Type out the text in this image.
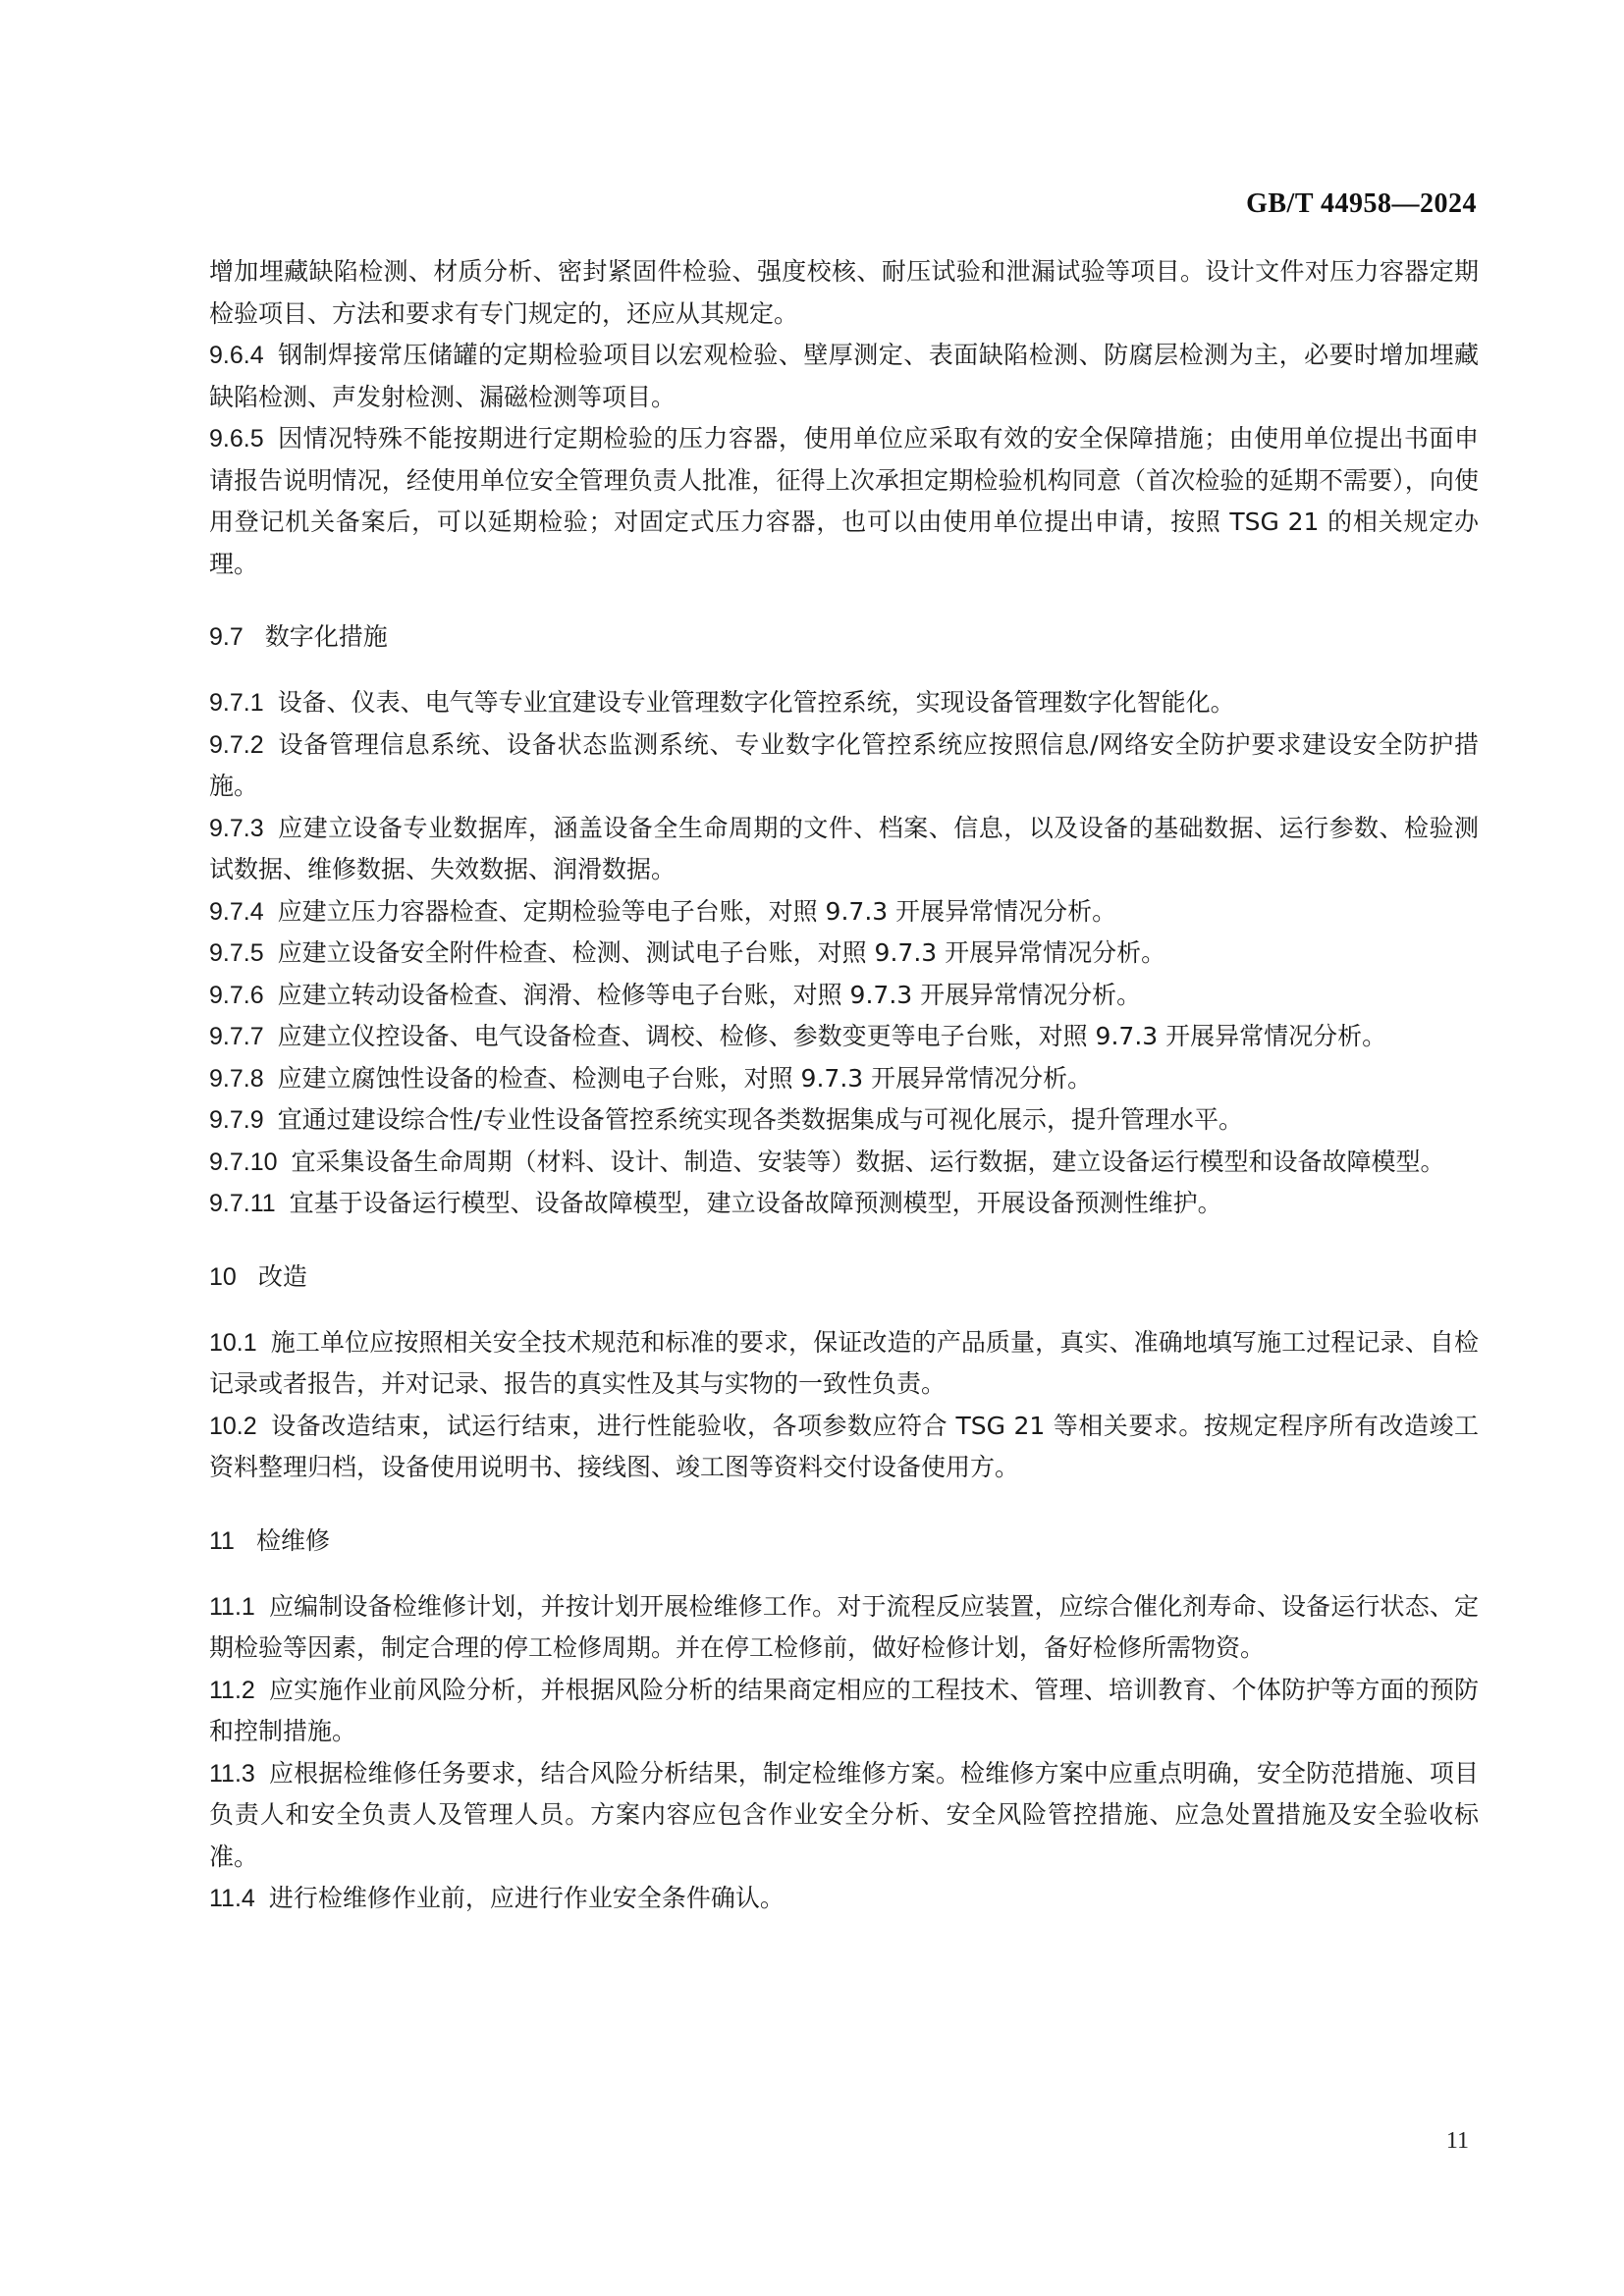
GB/T 44958—2024

增加埋藏缺陷检测、材质分析、密封紧固件检验、强度校核、耐压试验和泄漏试验等项目。设计文件对压力容器定期检验项目、方法和要求有专门规定的，还应从其规定。

9.6.4 钢制焊接常压储罐的定期检验项目以宏观检验、壁厚测定、表面缺陷检测、防腐层检测为主，必要时增加埋藏缺陷检测、声发射检测、漏磁检测等项目。

9.6.5 因情况特殊不能按期进行定期检验的压力容器，使用单位应采取有效的安全保障措施；由使用单位提出书面申请报告说明情况，经使用单位安全管理负责人批准，征得上次承担定期检验机构同意（首次检验的延期不需要），向使用登记机关备案后，可以延期检验；对固定式压力容器，也可以由使用单位提出申请，按照 TSG 21 的相关规定办理。

9.7 数字化措施

9.7.1 设备、仪表、电气等专业宜建设专业管理数字化管控系统，实现设备管理数字化智能化。

9.7.2 设备管理信息系统、设备状态监测系统、专业数字化管控系统应按照信息/网络安全防护要求建设安全防护措施。

9.7.3 应建立设备专业数据库，涵盖设备全生命周期的文件、档案、信息，以及设备的基础数据、运行参数、检验测试数据、维修数据、失效数据、润滑数据。

9.7.4 应建立压力容器检查、定期检验等电子台账，对照 9.7.3 开展异常情况分析。

9.7.5 应建立设备安全附件检查、检测、测试电子台账，对照 9.7.3 开展异常情况分析。

9.7.6 应建立转动设备检查、润滑、检修等电子台账，对照 9.7.3 开展异常情况分析。

9.7.7 应建立仪控设备、电气设备检查、调校、检修、参数变更等电子台账，对照 9.7.3 开展异常情况分析。

9.7.8 应建立腐蚀性设备的检查、检测电子台账，对照 9.7.3 开展异常情况分析。

9.7.9 宜通过建设综合性/专业性设备管控系统实现各类数据集成与可视化展示，提升管理水平。

9.7.10 宜采集设备生命周期（材料、设计、制造、安装等）数据、运行数据，建立设备运行模型和设备故障模型。

9.7.11 宜基于设备运行模型、设备故障模型，建立设备故障预测模型，开展设备预测性维护。

10 改造

10.1 施工单位应按照相关安全技术规范和标准的要求，保证改造的产品质量，真实、准确地填写施工过程记录、自检记录或者报告，并对记录、报告的真实性及其与实物的一致性负责。

10.2 设备改造结束，试运行结束，进行性能验收，各项参数应符合 TSG 21 等相关要求。按规定程序所有改造竣工资料整理归档，设备使用说明书、接线图、竣工图等资料交付设备使用方。

11 检维修

11.1 应编制设备检维修计划，并按计划开展检维修工作。对于流程反应装置，应综合催化剂寿命、设备运行状态、定期检验等因素，制定合理的停工检修周期。并在停工检修前，做好检修计划，备好检修所需物资。

11.2 应实施作业前风险分析，并根据风险分析的结果商定相应的工程技术、管理、培训教育、个体防护等方面的预防和控制措施。

11.3 应根据检维修任务要求，结合风险分析结果，制定检维修方案。检维修方案中应重点明确，安全防范措施、项目负责人和安全负责人及管理人员。方案内容应包含作业安全分析、安全风险管控措施、应急处置措施及安全验收标准。

11.4 进行检维修作业前，应进行作业安全条件确认。

11
